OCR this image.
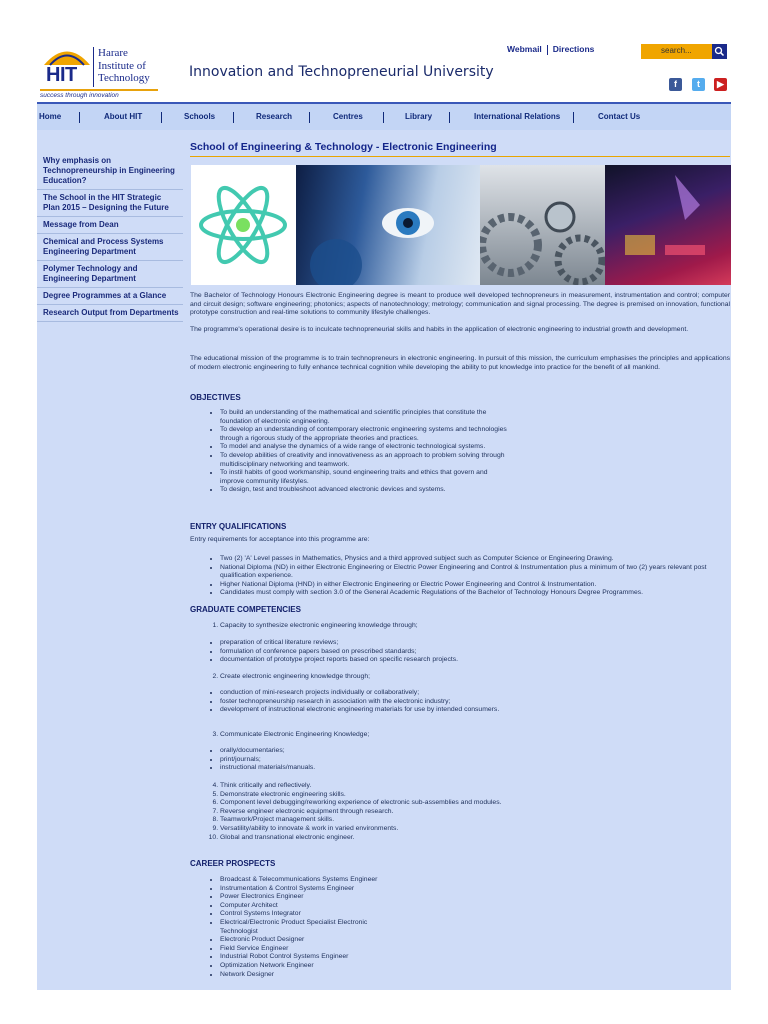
HIT
Harare
Institute of
Technology
success through innovation
Innovation and Technopreneurial University
Webmail Directions	search...
f	t	▶
Home	About HIT	Schools	Research	Centres	Library	International Relations	Contact Us
Why emphasis on Technopreneurship in Engineering Education?
The School in the HIT Strategic Plan 2015 – Designing the Future
Message from Dean
Chemical and Process Systems Engineering Department
Polymer Technology and Engineering Department
Degree Programmes at a Glance
Research Output from Departments
School of Engineering & Technology - Electronic Engineering
The Bachelor of Technology Honours Electronic Engineering degree is meant to produce well developed technopreneurs in measurement, instrumentation and control; computer and circuit design; software engineering; photonics; aspects of nanotechnology; metrology; communication and signal processing. The degree is premised on innovation, functional prototype construction and real-time solutions to community lifestyle challenges.
The programme's operational desire is to inculcate technopreneurial skills and habits in the application of electronic engineering to industrial growth and development.
The educational mission of the programme is to train technopreneurs in electronic engineering. In pursuit of this mission, the curriculum emphasises the principles and applications of modern electronic engineering to fully enhance technical cognition while developing the ability to put knowledge into practice for the benefit of all mankind.
OBJECTIVES
• To build an understanding of the mathematical and scientific principles that constitute the foundation of electronic engineering.
• To develop an understanding of contemporary electronic engineering systems and technologies through a rigorous study of the appropriate theories and practices.
• To model and analyse the dynamics of a wide range of electronic technological systems.
• To develop abilities of creativity and innovativeness as an approach to problem solving through multidisciplinary networking and teamwork.
• To instil habits of good workmanship, sound engineering traits and ethics that govern and improve community lifestyles.
• To design, test and troubleshoot advanced electronic devices and systems.
ENTRY QUALIFICATIONS
Entry requirements for acceptance into this programme are:
• Two (2) 'A' Level passes in Mathematics, Physics and a third approved subject such as Computer Science or Engineering Drawing.
• National Diploma (ND) in either Electronic Engineering or Electric Power Engineering and Control & Instrumentation plus a minimum of two (2) years relevant post qualification experience.
• Higher National Diploma (HND) in either Electronic Engineering or Electric Power Engineering and Control & Instrumentation.
• Candidates must comply with section 3.0 of the General Academic Regulations of the Bachelor of Technology Honours Degree Programmes.
GRADUATE COMPETENCIES
1. Capacity to synthesize electronic engineering knowledge through;
• preparation of critical literature reviews;
• formulation of conference papers based on prescribed standards;
• documentation of prototype project reports based on specific research projects.
2. Create electronic engineering knowledge through;
• conduction of mini-research projects individually or collaboratively;
• foster technopreneurship research in association with the electronic industry;
• development of instructional electronic engineering materials for use by intended consumers.
3. Communicate Electronic Engineering Knowledge;
• orally/documentaries;
• print/journals;
• instructional materials/manuals.
4. Think critically and reflectively.
5. Demonstrate electronic engineering skills.
6. Component level debugging/reworking experience of electronic sub-assemblies and modules.
7. Reverse engineer electronic equipment through research.
8. Teamwork/Project management skills.
9. Versatility/ability to innovate & work in varied environments.
10. Global and transnational electronic engineer.
CAREER PROSPECTS
• Broadcast & Telecommunications Systems Engineer
• Instrumentation & Control Systems Engineer
• Power Electronics Engineer
• Computer Architect
• Control Systems Integrator
• Electrical/Electronic Product Specialist Electronic Technologist
• Electronic Product Designer
• Field Service Engineer
• Industrial Robot Control Systems Engineer
• Optimization Network Engineer
• Network Designer
